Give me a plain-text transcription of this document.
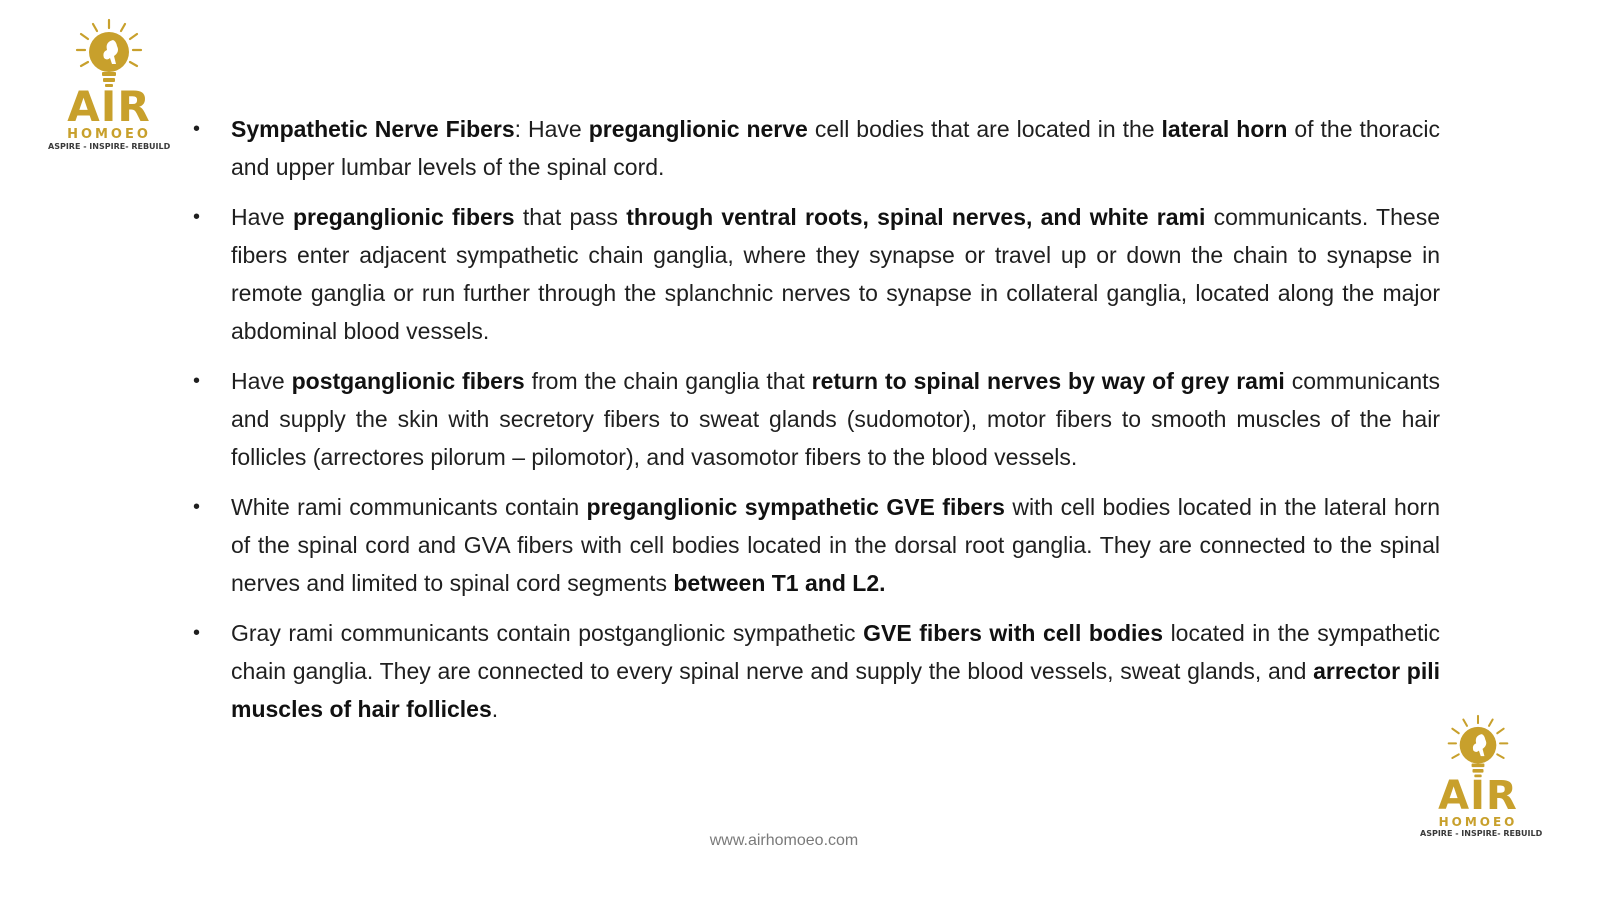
AIR
HOMOEO
ASPIRE - INSPIRE- REBUILD
• Sympathetic Nerve Fibers: Have preganglionic nerve cell bodies that are located in the lateral horn of the thoracic and upper lumbar levels of the spinal cord.
• Have preganglionic fibers that pass through ventral roots, spinal nerves, and white rami communicants. These fibers enter adjacent sympathetic chain ganglia, where they synapse or travel up or down the chain to synapse in remote ganglia or run further through the splanchnic nerves to synapse in collateral ganglia, located along the major abdominal blood vessels.
• Have postganglionic fibers from the chain ganglia that return to spinal nerves by way of grey rami communicants and supply the skin with secretory fibers to sweat glands (sudomotor), motor fibers to smooth muscles of the hair follicles (arrectores pilorum – pilomotor), and vasomotor fibers to the blood vessels.
• White rami communicants contain preganglionic sympathetic GVE fibers with cell bodies located in the lateral horn of the spinal cord and GVA fibers with cell bodies located in the dorsal root ganglia. They are connected to the spinal nerves and limited to spinal cord segments between T1 and L2.
• Gray rami communicants contain postganglionic sympathetic GVE fibers with cell bodies located in the sympathetic chain ganglia. They are connected to every spinal nerve and supply the blood vessels, sweat glands, and arrector pili muscles of hair follicles.
www.airhomoeo.com
AIR
HOMOEO
ASPIRE - INSPIRE- REBUILD
